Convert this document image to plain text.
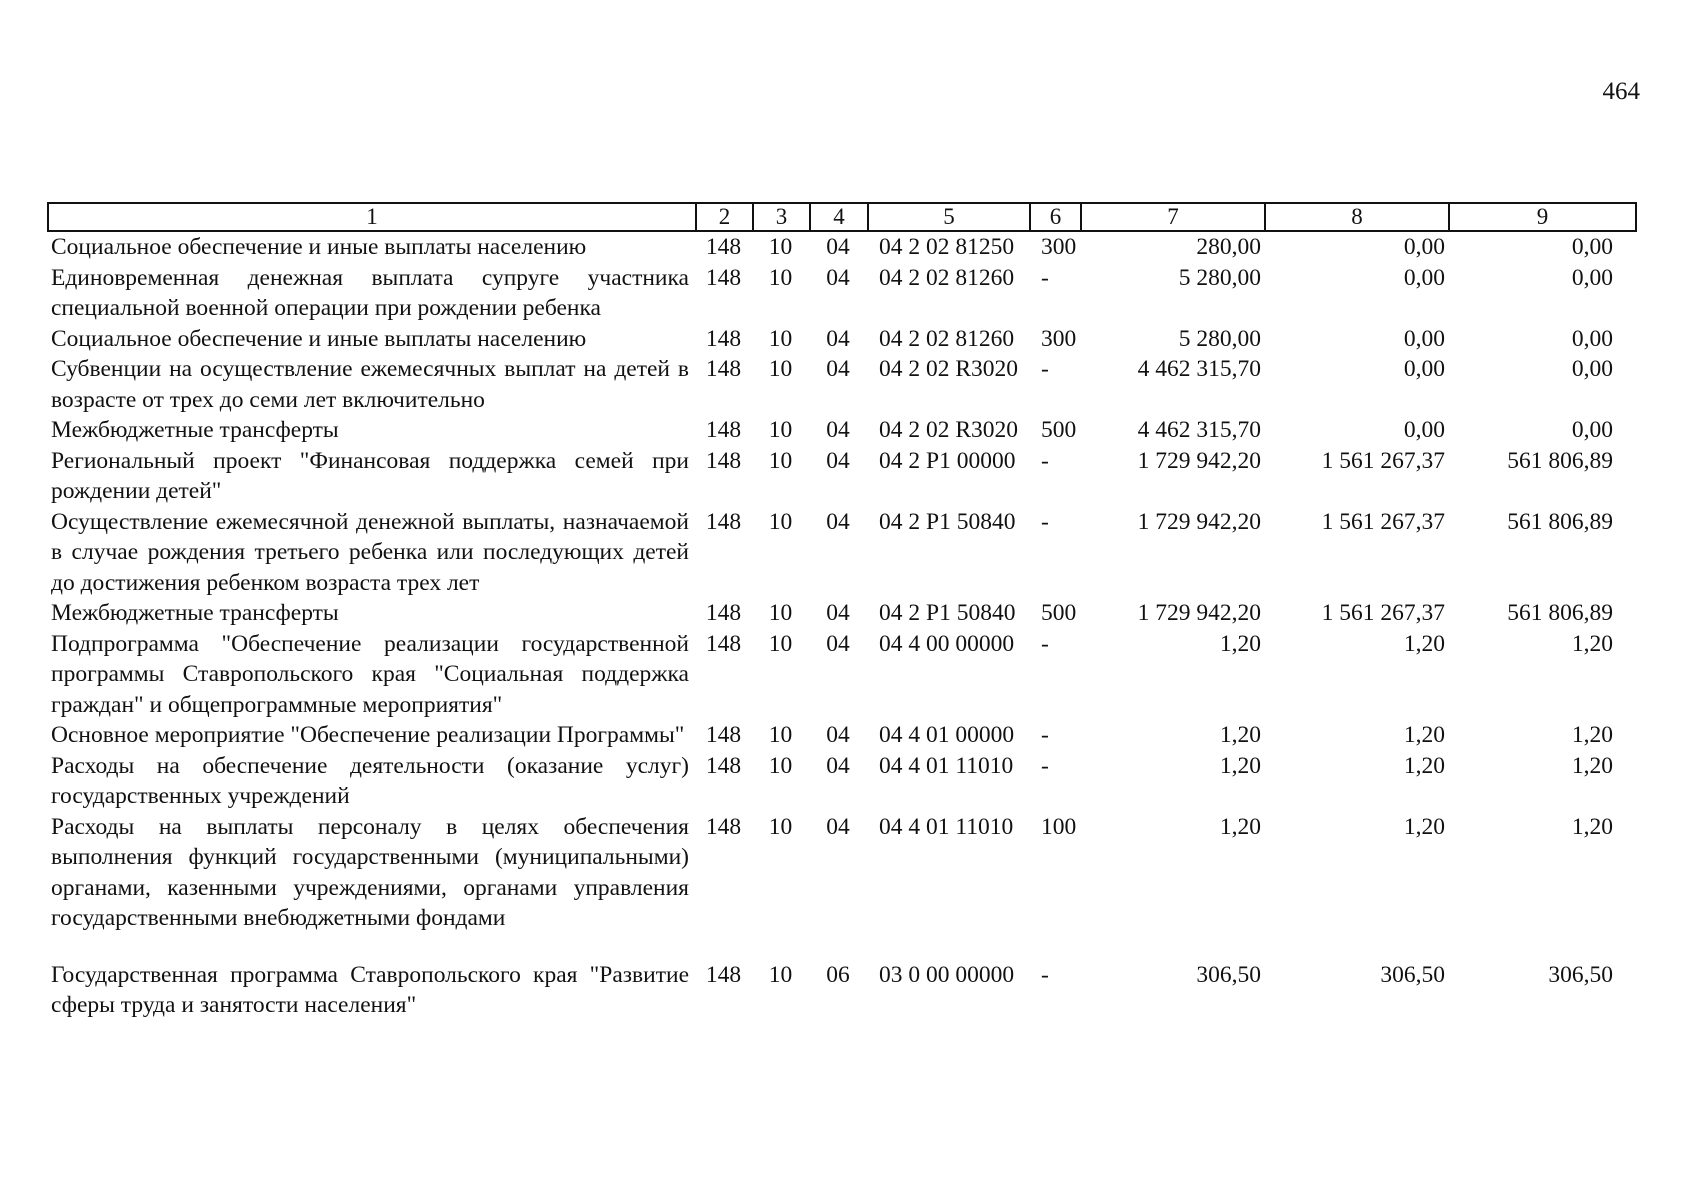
464
1	2	3	4	5	6	7	8	9
Социальное обеспечение и иные выплаты населению	148	10	04	04 2 02 81250	300	280,00	0,00	0,00
Единовременная денежная выплата супруге участника специальной военной операции при рождении ребенка	148	10	04	04 2 02 81260	-	5 280,00	0,00	0,00
Социальное обеспечение и иные выплаты населению	148	10	04	04 2 02 81260	300	5 280,00	0,00	0,00
Субвенции на осуществление ежемесячных выплат на детей в возрасте от трех до семи лет включительно	148	10	04	04 2 02 R3020	-	4 462 315,70	0,00	0,00
Межбюджетные трансферты	148	10	04	04 2 02 R3020	500	4 462 315,70	0,00	0,00
Региональный проект "Финансовая поддержка семей при рождении детей"	148	10	04	04 2 P1 00000	-	1 729 942,20	1 561 267,37	561 806,89
Осуществление ежемесячной денежной выплаты, назначаемой в случае рождения третьего ребенка или последующих детей до достижения ребенком возраста трех лет	148	10	04	04 2 P1 50840	-	1 729 942,20	1 561 267,37	561 806,89
Межбюджетные трансферты	148	10	04	04 2 P1 50840	500	1 729 942,20	1 561 267,37	561 806,89
Подпрограмма "Обеспечение реализации государственной программы Ставропольского края "Социальная поддержка граждан" и общепрограммные мероприятия"	148	10	04	04 4 00 00000	-	1,20	1,20	1,20
Основное мероприятие "Обеспечение реализации Программы"	148	10	04	04 4 01 00000	-	1,20	1,20	1,20
Расходы на обеспечение деятельности (оказание услуг) государственных учреждений	148	10	04	04 4 01 11010	-	1,20	1,20	1,20
Расходы на выплаты персоналу в целях обеспечения выполнения функций государственными (муниципальными) органами, казенными учреждениями, органами управления государственными внебюджетными фондами	148	10	04	04 4 01 11010	100	1,20	1,20	1,20

Государственная программа Ставропольского края "Развитие сферы труда и занятости населения"	148	10	06	03 0 00 00000	-	306,50	306,50	306,50
